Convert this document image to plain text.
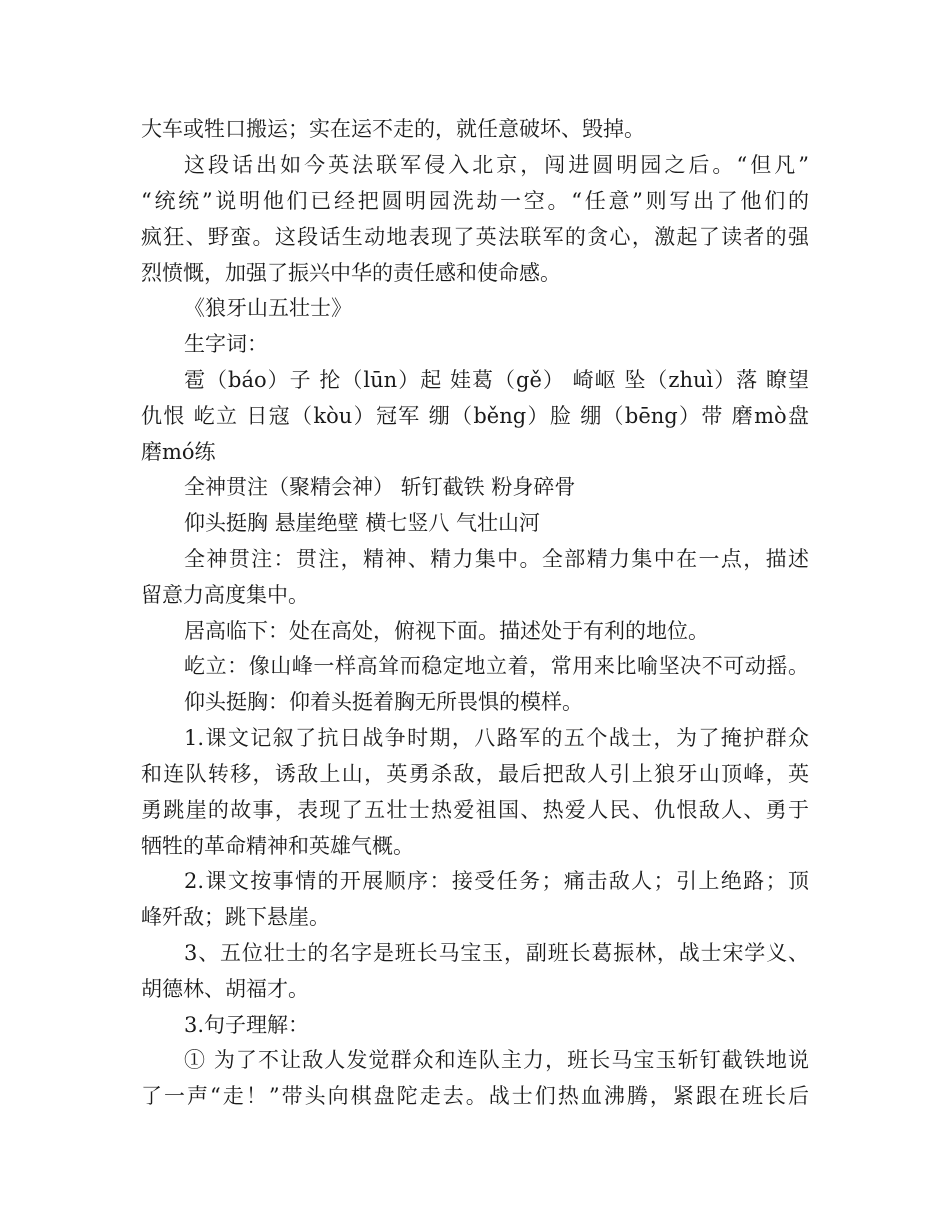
大车或牲口搬运；实在运不走的，就任意破坏、毁掉。

这段话出如今英法联军侵入北京，闯进圆明园之后。“但凡”

“统统”说明他们已经把圆明园洗劫一空。“任意”则写出了他们的

疯狂、野蛮。这段话生动地表现了英法联军的贪心，激起了读者的强

烈愤慨，加强了振兴中华的责任感和使命感。

《狼牙山五壮士》

生字词：

雹（báo）子 抡（lūn）起 娃葛（gě） 崎岖 坠（zhuì）落 瞭望

仇恨 屹立 日寇（kòu）冠军 绷（běng）脸 绷（bēng）带 磨mò盘

磨mó练

全神贯注（聚精会神） 斩钉截铁 粉身碎骨

仰头挺胸 悬崖绝壁 横七竖八 气壮山河

全神贯注：贯注，精神、精力集中。全部精力集中在一点，描述

留意力高度集中。

居高临下：处在高处，俯视下面。描述处于有利的地位。

屹立：像山峰一样高耸而稳定地立着，常用来比喻坚决不可动摇。

仰头挺胸：仰着头挺着胸无所畏惧的模样。

1.课文记叙了抗日战争时期，八路军的五个战士，为了掩护群众

和连队转移，诱敌上山，英勇杀敌，最后把敌人引上狼牙山顶峰，英

勇跳崖的故事，表现了五壮士热爱祖国、热爱人民、仇恨敌人、勇于

牺牲的革命精神和英雄气概。

2.课文按事情的开展顺序：接受任务；痛击敌人；引上绝路；顶

峰歼敌；跳下悬崖。

3、五位壮士的名字是班长马宝玉，副班长葛振林，战士宋学义、

胡德林、胡福才。

3.句子理解：

① 为了不让敌人发觉群众和连队主力，班长马宝玉斩钉截铁地说

了一声“走！”带头向棋盘陀走去。战士们热血沸腾，紧跟在班长后
